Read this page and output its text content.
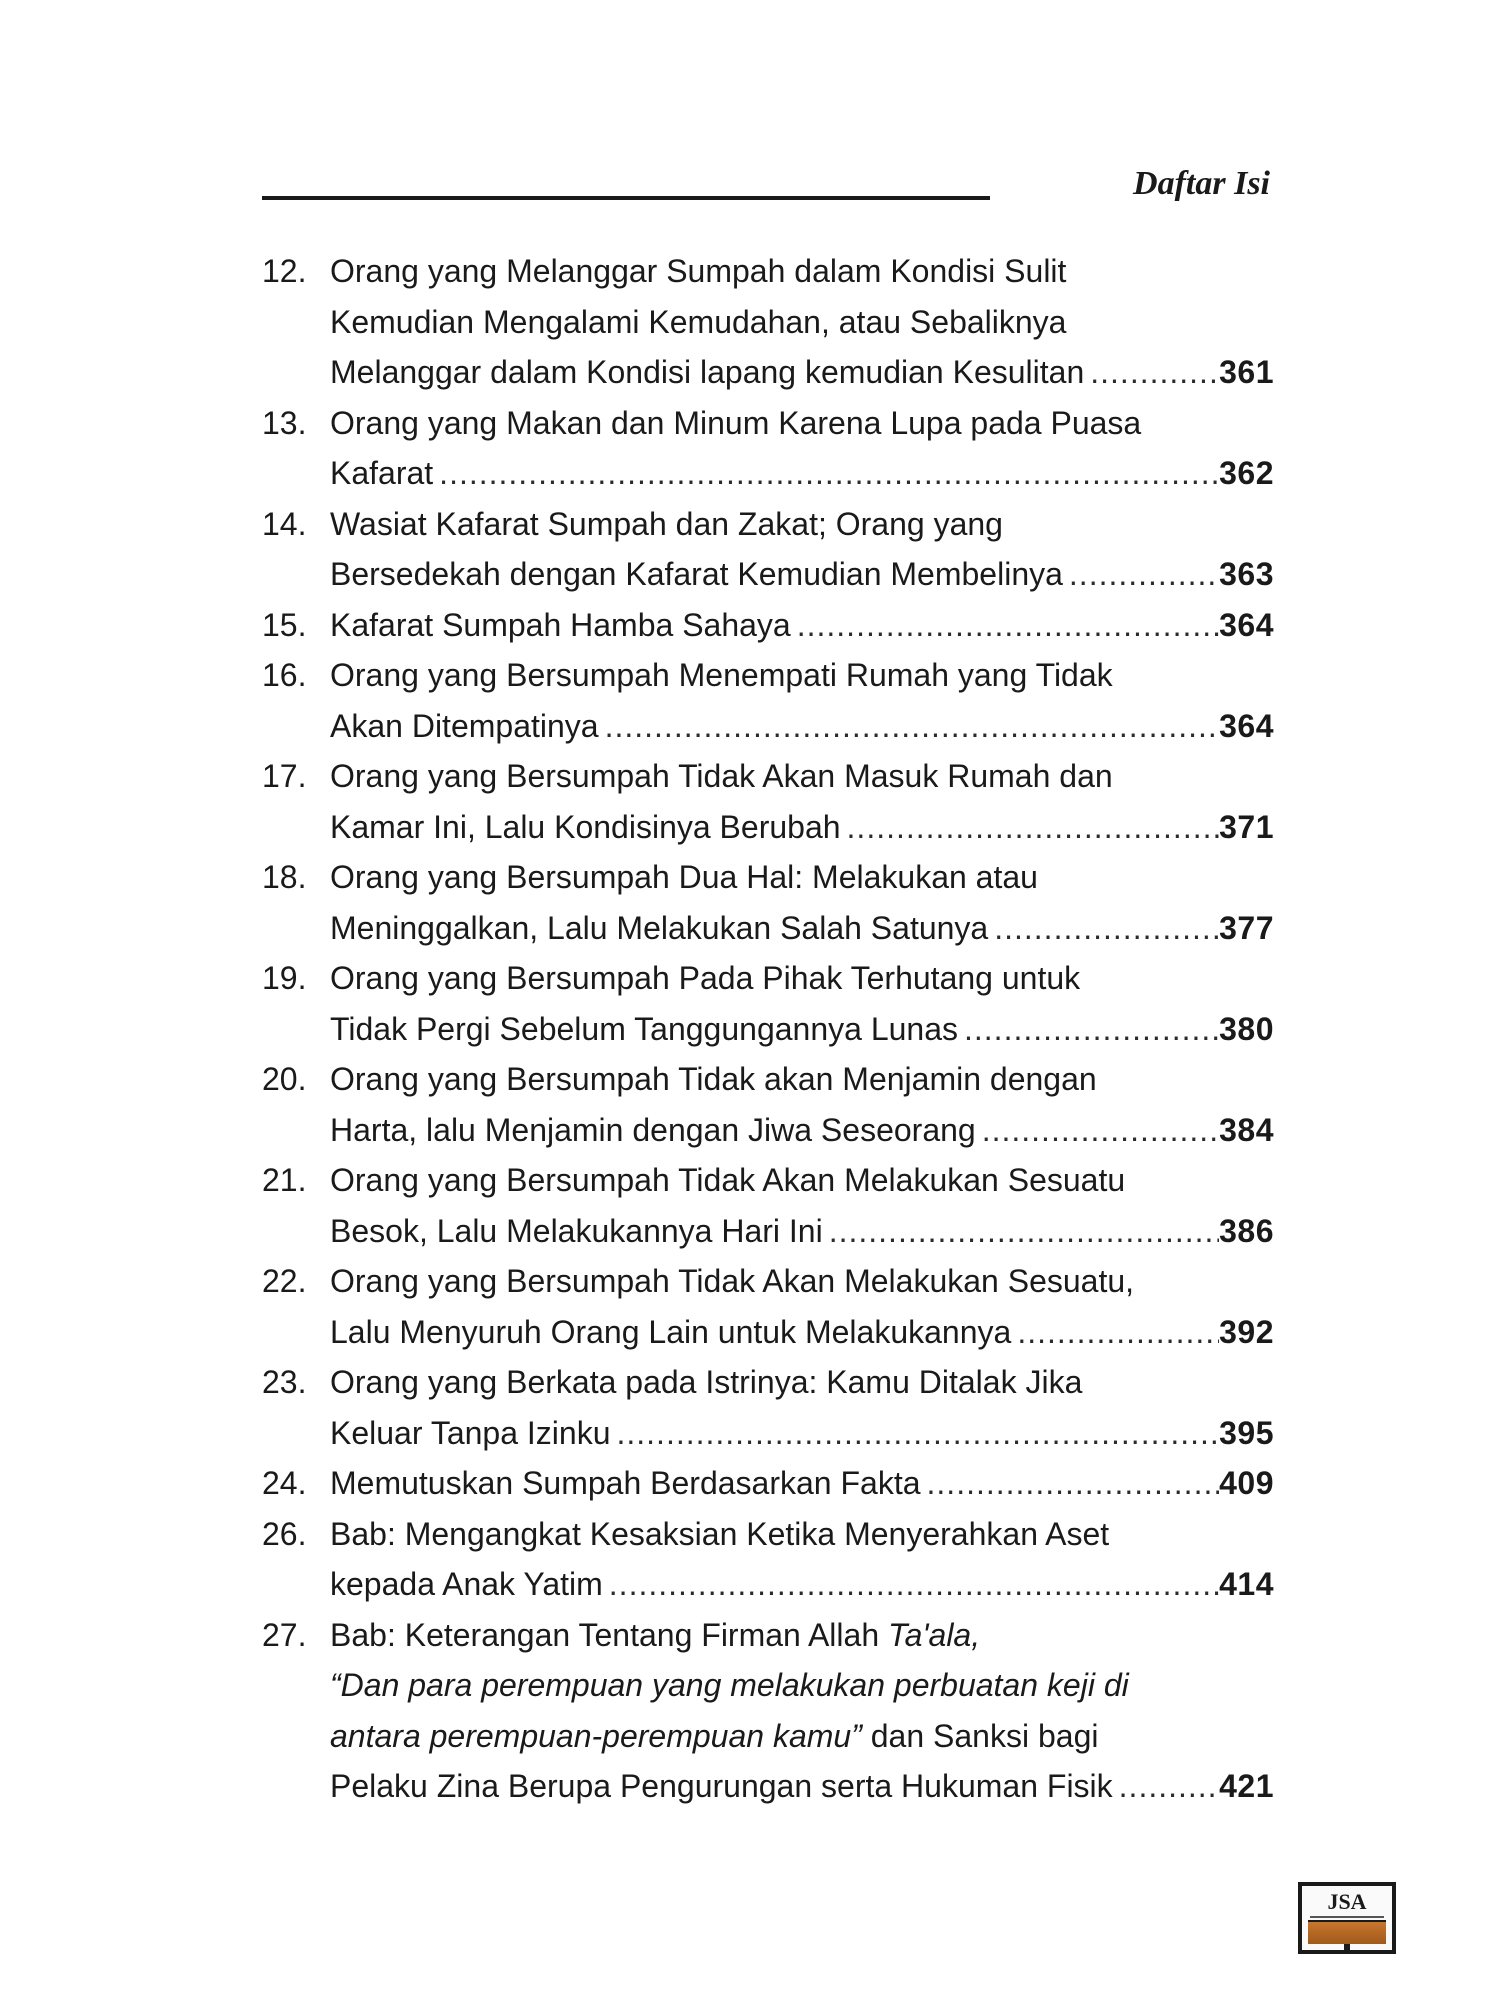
Daftar Isi
12. Orang yang Melanggar Sumpah dalam Kondisi Sulit
Kemudian Mengalami Kemudahan, atau Sebaliknya
Melanggar dalam Kondisi lapang kemudian Kesulitan .....	361
13. Orang yang Makan dan Minum Karena Lupa pada Puasa
Kafarat .....	362
14. Wasiat Kafarat Sumpah dan Zakat; Orang yang
Bersedekah dengan Kafarat Kemudian Membelinya .....	363
15. Kafarat Sumpah Hamba Sahaya .....	364
16. Orang yang Bersumpah Menempati Rumah yang Tidak
Akan Ditempatinya .....	364
17. Orang yang Bersumpah Tidak Akan Masuk Rumah dan
Kamar Ini, Lalu Kondisinya Berubah .....	371
18. Orang yang Bersumpah Dua Hal: Melakukan atau
Meninggalkan, Lalu Melakukan Salah Satunya .....	377
19. Orang yang Bersumpah Pada Pihak Terhutang untuk
Tidak Pergi Sebelum Tanggungannya Lunas .....	380
20. Orang yang Bersumpah Tidak akan Menjamin dengan
Harta, lalu Menjamin dengan Jiwa Seseorang .....	384
21. Orang yang Bersumpah Tidak Akan Melakukan Sesuatu
Besok, Lalu Melakukannya Hari Ini .....	386
22. Orang yang Bersumpah Tidak Akan Melakukan Sesuatu,
Lalu Menyuruh Orang Lain untuk Melakukannya .....	392
23. Orang yang Berkata pada Istrinya: Kamu Ditalak Jika
Keluar Tanpa Izinku .....	395
24. Memutuskan Sumpah Berdasarkan Fakta .....	409
26. Bab: Mengangkat Kesaksian Ketika Menyerahkan Aset
kepada Anak Yatim .....	414
27. Bab: Keterangan Tentang Firman Allah Ta'ala,
“Dan para perempuan yang melakukan perbuatan keji di
antara perempuan-perempuan kamu” dan Sanksi bagi
Pelaku Zina Berupa Pengurungan serta Hukuman Fisik .....	421
JSA
